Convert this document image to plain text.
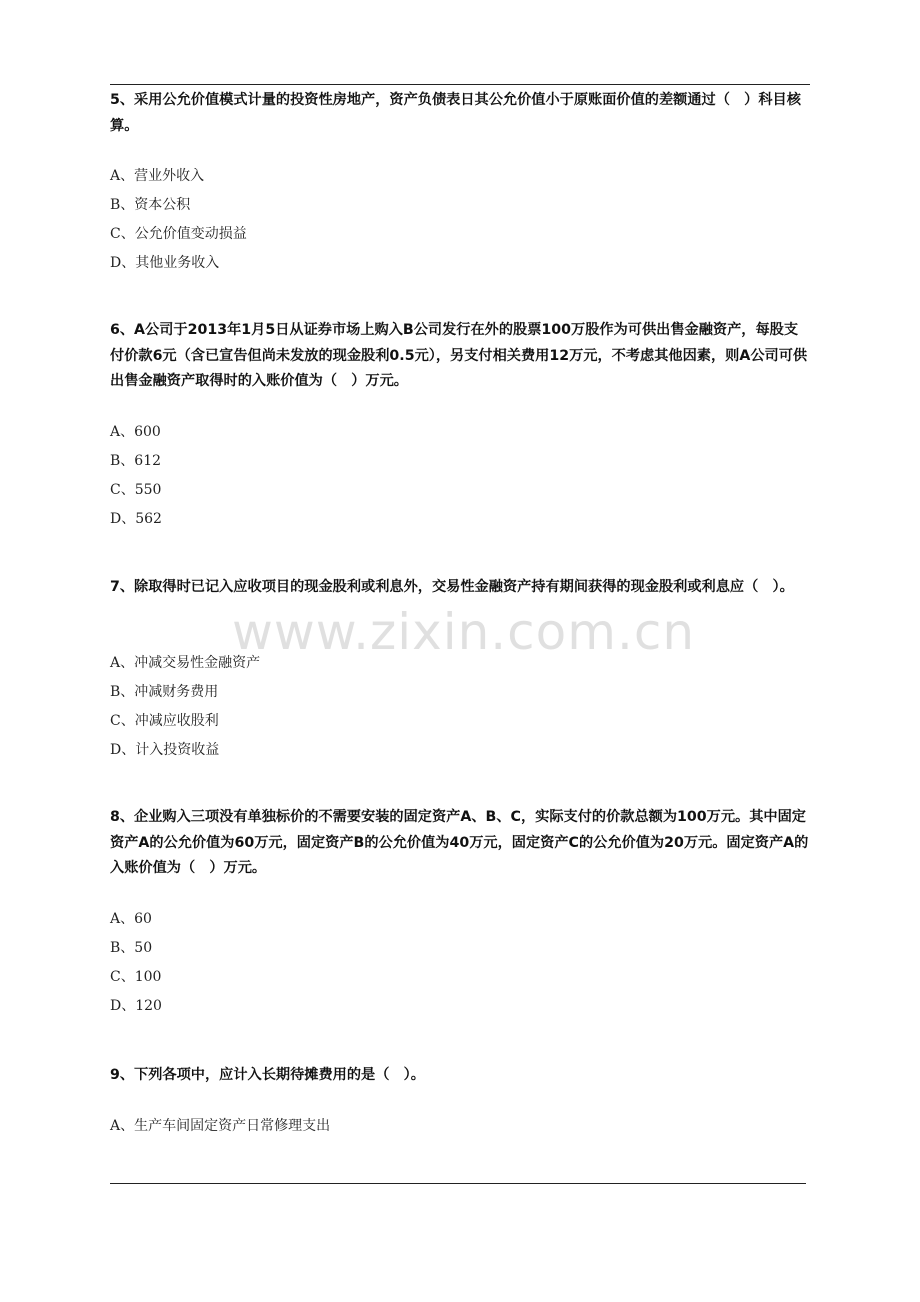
5、采用公允价值模式计量的投资性房地产，资产负债表日其公允价值小于原账面价值的差额通过（　）科目核算。

A、营业外收入

B、资本公积

C、公允价值变动损益

D、其他业务收入

6、A公司于2013年1月5日从证券市场上购入B公司发行在外的股票100万股作为可供出售金融资产，每股支付价款6元（含已宣告但尚未发放的现金股利0.5元），另支付相关费用12万元，不考虑其他因素，则A公司可供出售金融资产取得时的入账价值为（　）万元。

A、600

B、612

C、550

D、562

7、除取得时已记入应收项目的现金股利或利息外，交易性金融资产持有期间获得的现金股利或利息应（　）。

A、冲减交易性金融资产

B、冲减财务费用

C、冲减应收股利

D、计入投资收益

8、企业购入三项没有单独标价的不需要安装的固定资产A、B、C，实际支付的价款总额为100万元。其中固定资产A的公允价值为60万元，固定资产B的公允价值为40万元，固定资产C的公允价值为20万元。固定资产A的入账价值为（　）万元。

A、60

B、50

C、100

D、120

9、下列各项中，应计入长期待摊费用的是（　）。

A、生产车间固定资产日常修理支出

www.zixin.com.cn
